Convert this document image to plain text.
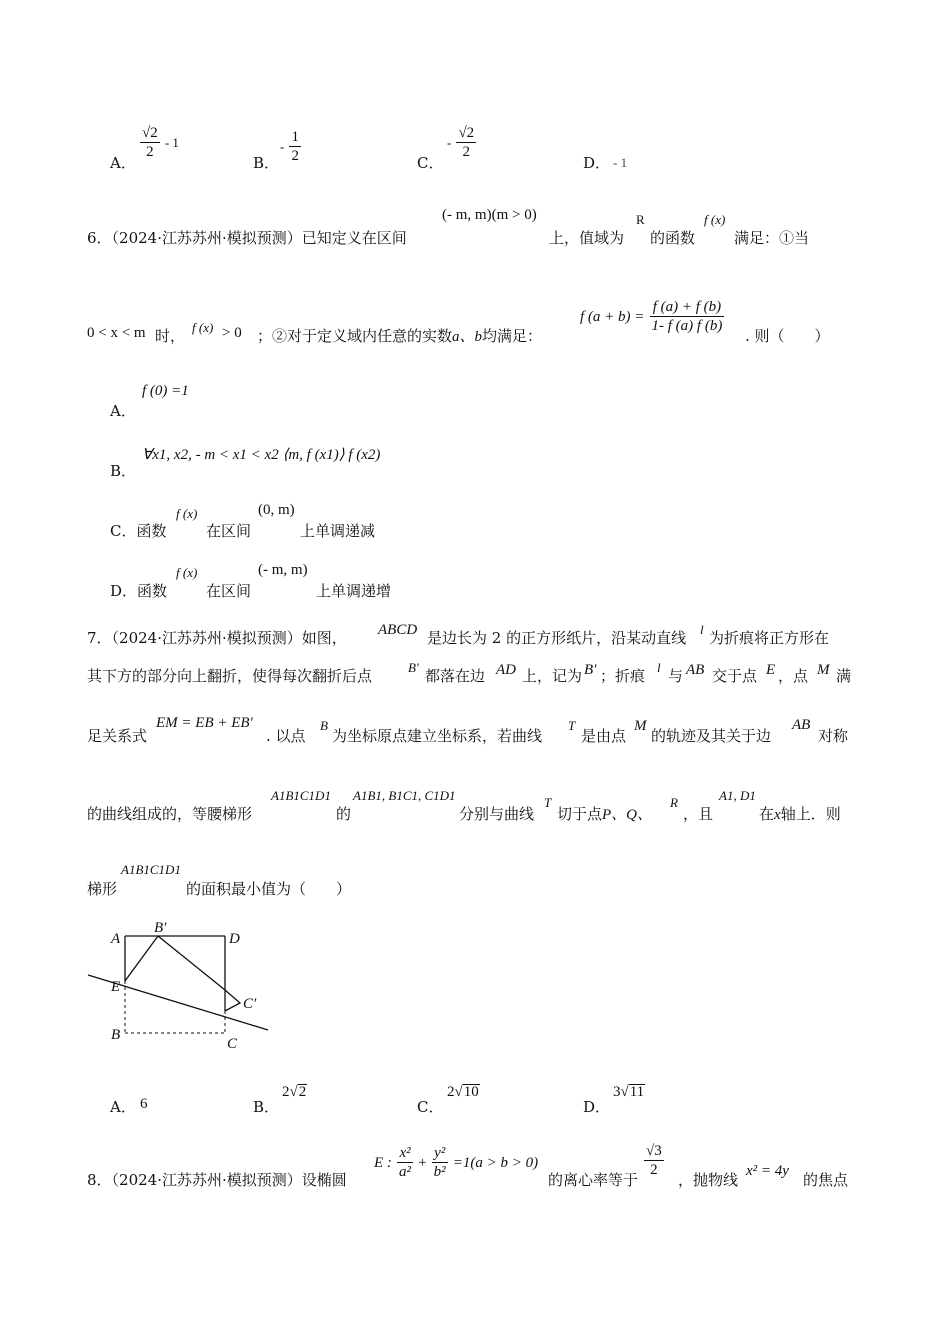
A．
$\frac{√2}{2} - 1$
B．
- $\frac{1}{2}$	C．
- $\frac{√2}{2}$
D． - 1
6．（2024·江苏苏州·模拟预测）已知定义在区间
(- m, m)(m > 0)
上，值域为
R
的函数
f (x)
满足：①当
0 < x < m 时， f (x) > 0 ；②对于定义域内任意的实数a、b均满足：
f $(a + b) = \frac{f (a) + f (b)}{1- f (a) f (b)}$
. 则（　　）
A．
f (0) =1
B．
∀x1, x2, - m < x1 < x2 ⟨m, f (x1)⟩ f (x2)
C．函数
f (x)
在区间
(0, m)
上单调递减
D．函数
f (x)
在区间
(- m, m)
上单调递增
7．（2024·江苏苏州·模拟预测）如图， ABCD 是边长为 2 的正方形纸片，沿某动直线 l 为折痕将正方形在
其下方的部分向上翻折，使得每次翻折后点	B′ 都落在边 AD 上，记为 B′ ；折痕 l 与 AB 交于点 E ，点 M 满
足关系式
EM = EB + EB′
. 以点
B
为坐标原点建立坐标系，若曲线
T
是由点
M
的轨迹及其关于边
AB
对称
的曲线组成的，等腰梯形
A1B1C1D1
的
A1B1, B1C1, C1D1
分别与曲线
T
切于点P、Q、
R
，且
A1, D1
在x轴上．则
梯形
A1B1C1D1
的面积最小值为（　　）
A
B′
D
E
C′
B
C
A． 6	B．
2√2
C．
2√10
D．
3√11
8．（2024·江苏苏州·模拟预测）设椭圆
E : $\frac{\text{x²}}{\text{a²}} + \frac{\text{y²}}{\text{b²}} =1(a > b > 0)$
的离心率等于
$\frac{√3}{2}$
，抛物线 x² = 4y 的焦点
